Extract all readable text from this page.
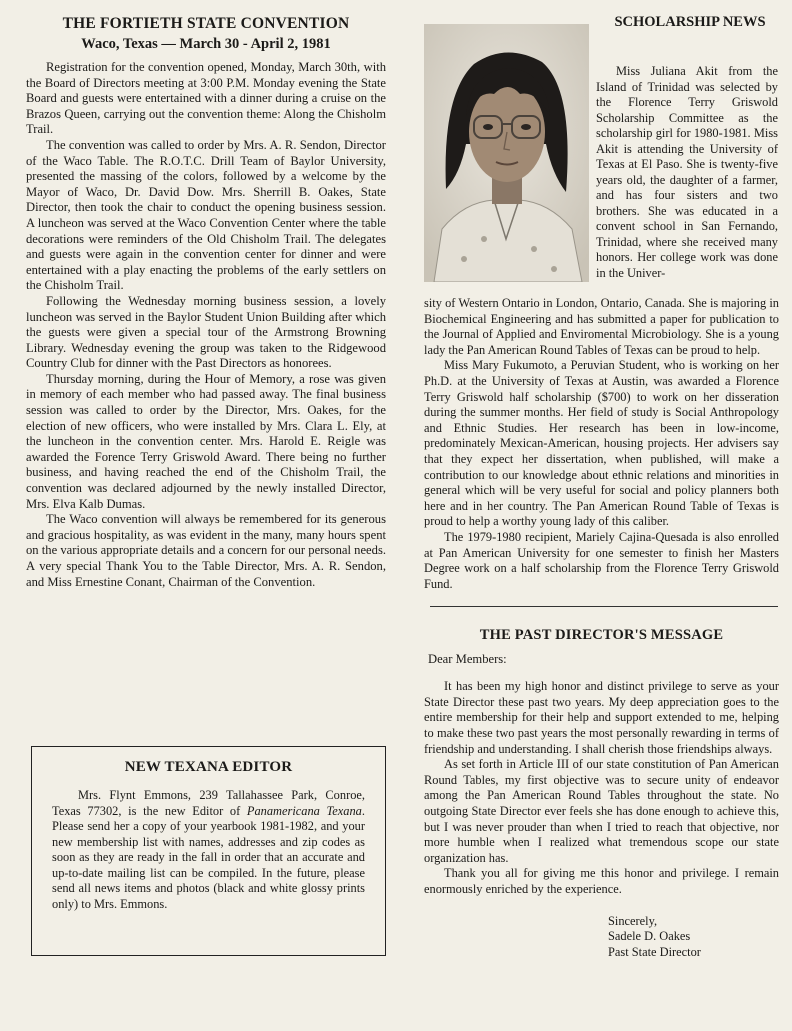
THE FORTIETH STATE CONVENTION
Waco, Texas — March 30 - April 2, 1981

Registration for the convention opened, Monday, March 30th, with the Board of Directors meeting at 3:00 P.M. Monday evening the State Board and guests were entertained with a dinner during a cruise on the Brazos Queen, carrying out the convention theme: Along the Chisholm Trail.

The convention was called to order by Mrs. A. R. Sendon, Director of the Waco Table. The R.O.T.C. Drill Team of Baylor University, presented the massing of the colors, followed by a welcome by the Mayor of Waco, Dr. David Dow. Mrs. Sherrill B. Oakes, State Director, then took the chair to conduct the opening business session. A luncheon was served at the Waco Convention Center where the table decorations were reminders of the Old Chisholm Trail. The delegates and guests were again in the convention center for dinner and were entertained with a play enacting the problems of the early settlers on the Chisholm Trail.

Following the Wednesday morning business session, a lovely luncheon was served in the Baylor Student Union Building after which the guests were given a special tour of the Armstrong Browning Library. Wednesday evening the group was taken to the Ridgewood Country Club for dinner with the Past Directors as honorees.

Thursday morning, during the Hour of Memory, a rose was given in memory of each member who had passed away. The final business session was called to order by the Director, Mrs. Oakes, for the election of new officers, who were installed by Mrs. Clara L. Ely, at the luncheon in the convention center. Mrs. Harold E. Reigle was awarded the Forence Terry Griswold Award. There being no further business, and having reached the end of the Chisholm Trail, the convention was declared adjourned by the newly installed Director, Mrs. Elva Kalb Dumas.

The Waco convention will always be remembered for its generous and gracious hospitality, as was evident in the many, many hours spent on the various appropriate details and a concern for our personal needs. A very special Thank You to the Table Director, Mrs. A. R. Sendon, and Miss Ernestine Conant, Chairman of the Convention.

NEW TEXANA EDITOR

Mrs. Flynt Emmons, 239 Tallahassee Park, Conroe, Texas 77302, is the new Editor of Panamericana Texana. Please send her a copy of your yearbook 1981-1982, and your new membership list with names, addresses and zip codes as soon as they are ready in the fall in order that an accurate and up-to-date mailing list can be compiled. In the future, please send all news items and photos (black and white glossy prints only) to Mrs. Emmons.

SCHOLARSHIP NEWS

Miss Juliana Akit from the Island of Trinidad was selected by the Florence Terry Griswold Scholarship Committee as the scholarship girl for 1980-1981. Miss Akit is attending the University of Texas at El Paso. She is twenty-five years old, the daughter of a farmer, and has four sisters and two brothers. She was educated in a convent school in San Fernando, Trinidad, where she received many honors. Her college work was done in the Univer-

sity of Western Ontario in London, Ontario, Canada. She is majoring in Biochemical Engineering and has submitted a paper for publication to the Journal of Applied and Enviromental Microbiology. She is a young lady the Pan American Round Tables of Texas can be proud to help.

Miss Mary Fukumoto, a Peruvian Student, who is working on her Ph.D. at the University of Texas at Austin, was awarded a Florence Terry Griswold half scholarship ($700) to work on her disseration during the summer months. Her field of study is Social Anthropology and Ethnic Studies. Her research has been in low-income, predominately Mexican-American, housing projects. Her advisers say that they expect her dissertation, when published, will make a contribution to our knowledge about ethnic relations and minorities in general which will be very useful for social and policy planners both here and in her country. The Pan American Round Table of Texas is proud to help a worthy young lady of this caliber.

The 1979-1980 recipient, Mariely Cajina-Quesada is also enrolled at Pan American University for one semester to finish her Masters Degree work on a half scholarship from the Florence Terry Griswold Fund.

THE PAST DIRECTOR'S MESSAGE
Dear Members:

It has been my high honor and distinct privilege to serve as your State Director these past two years. My deep appreciation goes to the entire membership for their help and support extended to me, helping to make these two past years the most personally rewarding in terms of friendship and understanding. I shall cherish those friendships always.

As set forth in Article III of our state constitution of Pan American Round Tables, my first objective was to secure unity of endeavor among the Pan American Round Tables throughout the state. No outgoing State Director ever feels she has done enough to achieve this, but I was never prouder than when I tried to reach that objective, nor more humble when I realized what tremendous scope our state organization has.

Thank you all for giving me this honor and privilege. I remain enormously enriched by the experience.

Sincerely,
Sadele D. Oakes
Past State Director
